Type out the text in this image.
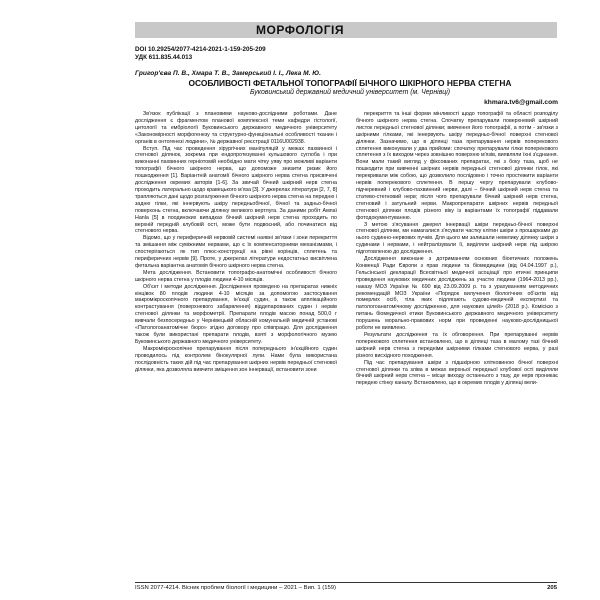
МОРФОЛОГІЯ
DOI 10.29254/2077-4214-2021-1-159-205-209
УДК 611.835.44.013
Григор'єва П. В., Хмара Т. В., Замерський І. І., Лека М. Ю.
ОСОБЛИВОСТІ ФЕТАЛЬНОЇ ТОПОГРАФІЇ БІЧНОГО ШКІРНОГО НЕРВА СТЕГНА
Буковинський державний медичний університет (м. Чернівці)
khmara.tv6@gmail.com

Зв'язок публікації з плановими науково-дослідними роботами. Дане дослідження є фрагментом планової комплексної теми кафедри гістології, цитології та ембріології Буковинського державного медичного університету «Закономірності морфогенезу та структурно-функціональні особливості тканин і органів в онтогенезі людини», № державної реєстрації 0116U002938.

Вступ. Під час проведення хірургічних маніпуляцій у межах пахвинної і стегнової ділянок, зокрема при ендопротезуванні кульшового суглоба і при виконанні пахвинних герніотомій необхідно мати чітку уяву про можливі варіанти топографії бічного шкірного нерва, що допоможе знизити ризик його пошкодження [1]. Варіантній анатомії бічного шкірного нерва стегна присвячені дослідження окремих авторів [1-6]. За звичай бічний шкірний нерв стегна проходить латерально щодо кравецького м'яза [3]. У джерелах літератури [2, 7, 8] трапляються дані щодо розгалуження бічного шкірного нерва стегна на передню і задню гілки, які іннервують шкіру передньобічної, бічної та задньо-бічної поверхонь стегна, включаючи ділянку великого вертлуга. За даними робіт Ампаї Наnla [5] в поодиноких випадках бічний шкірний нерв стегна проходить по верхній передній клубовій ості, може бути подвоєний, або починатися від стегнового нерва.

Відомо, що у периферичній нервовій системі наявні зв'язки і зони перекриття та змішання між суміжними нервами, що є їх компенсаторними механізмами, і спостерігаються як тип плюс-конструкції на рівні корінців, сплетень та периферичних нервів [9]. Проте, у джерелах літератури недостатньо висвітлена фетальна варіантна анатомія бічного шкірного нерва стегна.

Мета дослідження. Встановити топографо-анатомічні особливості бічного шкірного нерва стегна у плодів людини 4-10 місяців.

Об'єкт і методи дослідження. Дослідження проведено на препаратах нижніх кінцівок 80 плодів людини 4-10 місяців за допомогою застосування макромікроскопічного препарування, ін'єкції судин, а також апплікаційного контрастування (поверхневого забарвлення) віддепарованих судин і нервів стегнової ділянки та морфометрії. Препарати плодів масою понад 500,0 г вивчали безпосередньо у Чернівецькій обласній комунальній медичній установі «Патологоанатомічне бюро» згідно договору про співпрацю. Для дослідження також були використані препарати плодів, взяті з морфологічного музею Буковинського державного медичного університету.

Макромікроскопічне препарування після попереднього ін'єкційного судин проводилось під контролем бінокулярної лупи. Нами була використана послідовність таких дій під час препарування шкірних нервів передньої стегнової ділянки, яка дозволяла вивчити зміщення зон іннервації, встановити зони

перекриття та інші форми мінливості щодо топографії та області розподілу бічного шкірного нерва стегна. Спочатку препарували поверхневий шкірний листок передньої стегнової ділянки; вивчення його топографії, а потім - зв'язки з шкірними гілками, які іннервують шкіру передньо-бічної поверхні стегнової ділянки. Зазначимо, що в ділянці таза препарування нервів поперекового сплетення виконували у два прийоми: спочатку препарували гілки поперекового сплетення з їх виходом через зовнішню поверхню м'язів, виявляли їхні з'єднання. Вони мали такий вигляд у фіксованих препаратах, які з боку таза, щоб не пошкодити при вивченні шкірних нервів передньої стегнової ділянки гілок, які перекривали між собою, що дозволило послідовно і точно простежити варіанти нервів поперекового сплетення. В першу чергу препарували клубово-підчеревний і клубово-пахвинний нерви, далі – бічний шкірний нерв стегна та статево-стегновий нерв; після чого препарували бічний шкірний нерв стегна, стегновий і затульний нерви. Макропрепарати шкірних нервів передньої стегнової ділянки плодів різного віку із варіантами їх топографії піддавали фотодокументуванню.

З метою з'ясування джерел іннервації шкіри передньо-бічної поверхні стегнової ділянки, ми намагалися з'ясувати частку клітин шкіри з прошарками до нього судинно-нервових пучків. Для цього ми залишали невелику ділянку шкіри з судинами і нервами, і нейтралізували її, виділяли шкірний нерв під шкірою підготовленою до дослідження.

Дослідження виконане з дотриманням основних біоетичних положень Конвенції Ради Європи з прав людини та біомедицини (від 04.04.1997 р.), Гельсінської декларації Всесвітньої медичної асоціації про етичні принципи проведення наукових медичних досліджень за участю людини (1964-2013 рр.), наказу МОЗ України № 690 від 23.09.2009 р. та з урахуванням методичних рекомендацій МОЗ України «Порядок вилучення біологічних об'єктів від померлих осіб, тіла яких підлягають судово-медичній експертизі та патологоанатомічному дослідженню, для наукових цілей» (2018 р.). Комісією з питань біомедичної етики Буковинського державного медичного університету порушень морально-правових норм при проведенні науково-дослідницької роботи не виявлено.

Результати дослідження та їх обговорення. При препаруванні нервів поперекового сплетення встановлено, що в ділянці таза в малому тазі бічний шкірний нерв стегна з передніми шкірними гілками стегнового нерва, у разі різного висхідного походження.

Під час препарування шкіри з підшкірною клітковиною бічної поверхні стегнової ділянки та зліва в межах верхньої передньої клубової ості виділяли бічний шкірний нерв стегна – місце виходу останнього з тазу, де нерв проникає передню стінку каналу. Встановлено, що в окремих плодів у ділянці вели-

ISSN 2077-4214. Вісник проблем біології і медицини – 2021 – Вип. 1 (159)	205
